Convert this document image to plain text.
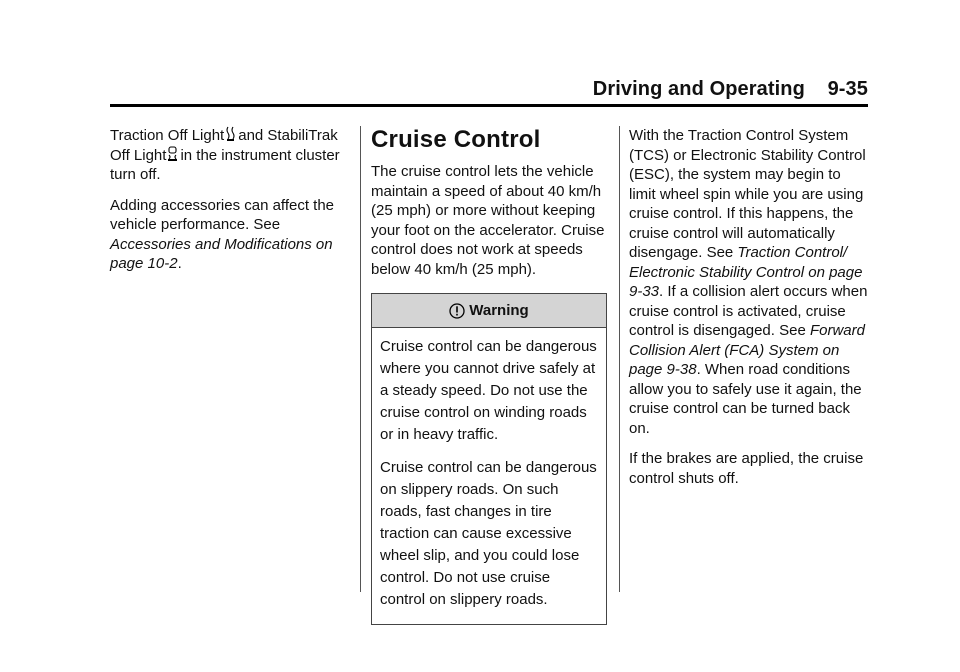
Driving and Operating 9-35

Traction Off Light and StabiliTrak Off Light in the instrument cluster turn off.

Adding accessories can affect the vehicle performance. See Accessories and Modifications on page 10-2.

Cruise Control

The cruise control lets the vehicle maintain a speed of about 40 km/h (25 mph) or more without keeping your foot on the accelerator. Cruise control does not work at speeds below 40 km/h (25 mph).

Warning

Cruise control can be dangerous where you cannot drive safely at a steady speed. Do not use the cruise control on winding roads or in heavy traffic.

Cruise control can be dangerous on slippery roads. On such roads, fast changes in tire traction can cause excessive wheel slip, and you could lose control. Do not use cruise control on slippery roads.

With the Traction Control System (TCS) or Electronic Stability Control (ESC), the system may begin to limit wheel spin while you are using cruise control. If this happens, the cruise control will automatically disengage. See Traction Control/ Electronic Stability Control on page 9-33. If a collision alert occurs when cruise control is activated, cruise control is disengaged. See Forward Collision Alert (FCA) System on page 9-38. When road conditions allow you to safely use it again, the cruise control can be turned back on.

If the brakes are applied, the cruise control shuts off.
